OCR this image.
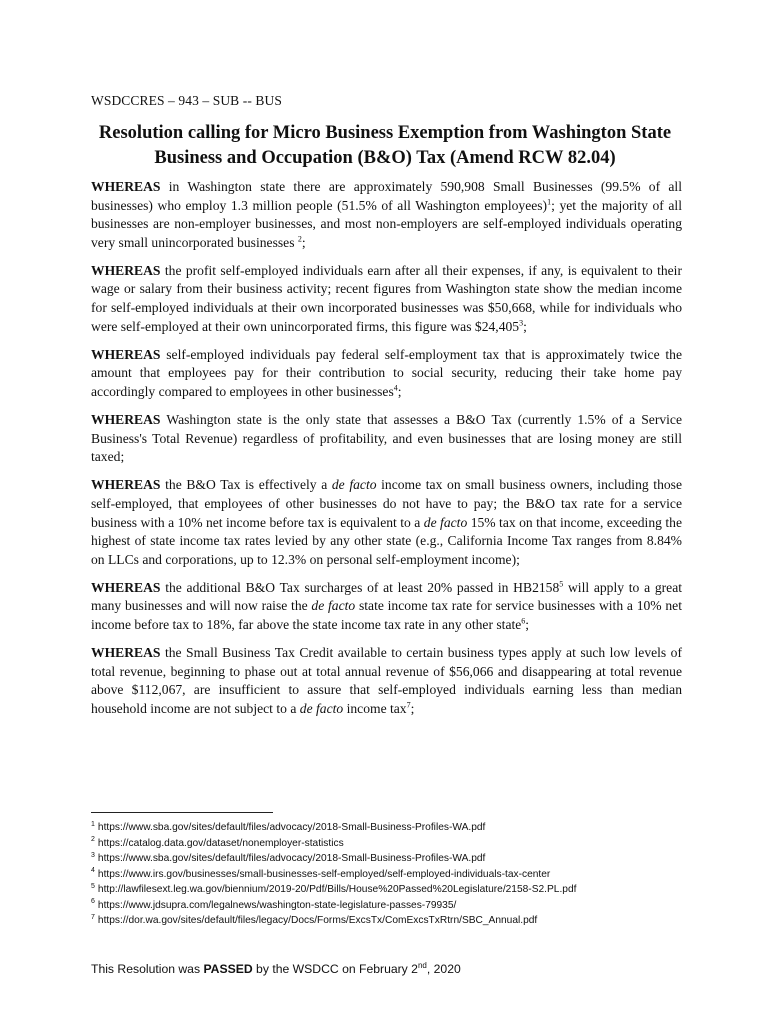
WSDCCRES – 943 – SUB -- BUS
Resolution calling for Micro Business Exemption from Washington State
Business and Occupation (B&O) Tax (Amend RCW 82.04)

WHEREAS in Washington state there are approximately 590,908 Small Businesses (99.5% of all businesses) who employ 1.3 million people (51.5% of all Washington employees)$^1$; yet the majority of all businesses are non-employer businesses, and most non-employers are self-employed individuals operating very small unincorporated businesses $^2$;

WHEREAS the profit self-employed individuals earn after all their expenses, if any, is equivalent to their wage or salary from their business activity; recent figures from Washington state show the median income for self-employed individuals at their own incorporated businesses was $50,668, while for individuals who were self-employed at their own unincorporated firms, this figure was $24,405$^3$;

WHEREAS self-employed individuals pay federal self-employment tax that is approximately twice the amount that employees pay for their contribution to social security, reducing their take home pay accordingly compared to employees in other businesses$^4$;

WHEREAS Washington state is the only state that assesses a B&O Tax (currently 1.5% of a Service Business's Total Revenue) regardless of profitability, and even businesses that are losing money are still taxed;

WHEREAS the B&O Tax is effectively a de facto income tax on small business owners, including those self-employed, that employees of other businesses do not have to pay; the B&O tax rate for a service business with a 10% net income before tax is equivalent to a de facto 15% tax on that income, exceeding the highest of state income tax rates levied by any other state (e.g., California Income Tax ranges from 8.84% on LLCs and corporations, up to 12.3% on personal self-employment income);

WHEREAS the additional B&O Tax surcharges of at least 20% passed in HB2158$^5$ will apply to a great many businesses and will now raise the de facto state income tax rate for service businesses with a 10% net income before tax to 18%, far above the state income tax rate in any other state$^6$;

WHEREAS the Small Business Tax Credit available to certain business types apply at such low levels of total revenue, beginning to phase out at total annual revenue of $56,066 and disappearing at total revenue above $112,067, are insufficient to assure that self-employed individuals earning less than median household income are not subject to a de facto income tax$^7$;

$^1$ https://www.sba.gov/sites/default/files/advocacy/2018-Small-Business-Profiles-WA.pdf
$^2$ https://catalog.data.gov/dataset/nonemployer-statistics
$^3$ https://www.sba.gov/sites/default/files/advocacy/2018-Small-Business-Profiles-WA.pdf
$^4$ https://www.irs.gov/businesses/small-businesses-self-employed/self-employed-individuals-tax-center
$^5$ http://lawfilesext.leg.wa.gov/biennium/2019-20/Pdf/Bills/House%20Passed%20Legislature/2158-S2.PL.pdf
$^6$ https://www.jdsupra.com/legalnews/washington-state-legislature-passes-79935/
$^7$ https://dor.wa.gov/sites/default/files/legacy/Docs/Forms/ExcsTx/ComExcsTxRtrn/SBC_Annual.pdf
This Resolution was PASSED by the WSDCC on February 2nd, 2020
